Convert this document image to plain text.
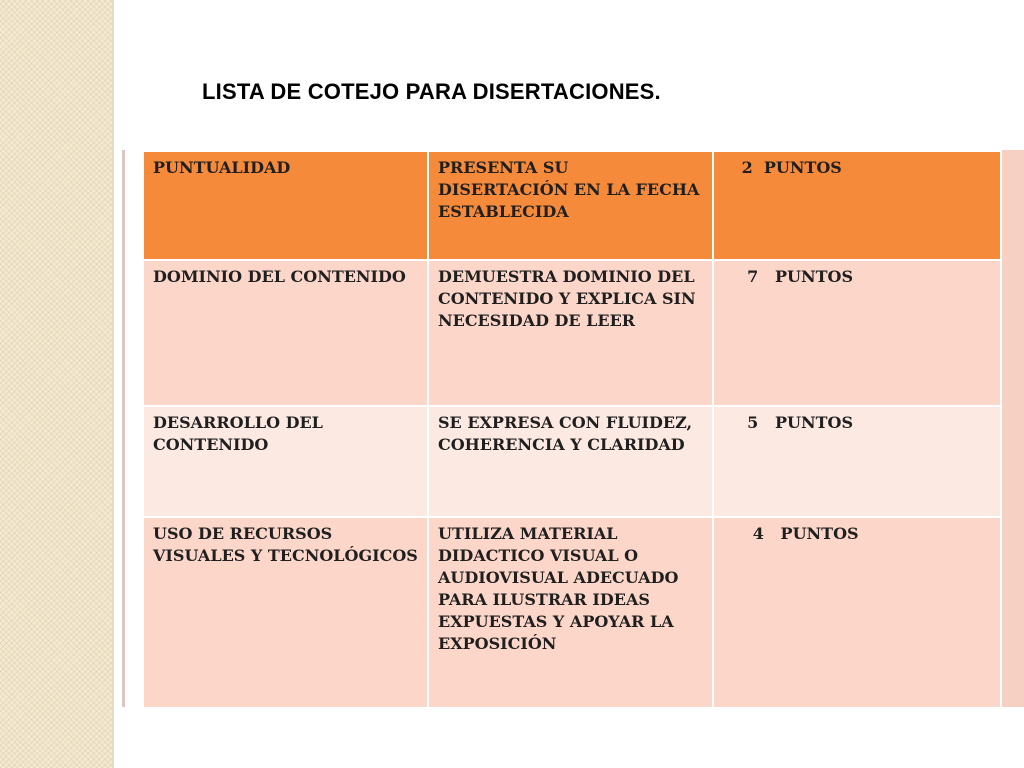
LISTA DE COTEJO PARA DISERTACIONES.
PUNTUALIDAD	PRESENTA SU DISERTACIÓN EN LA FECHA ESTABLECIDA	2  PUNTOS
DOMINIO DEL CONTENIDO	DEMUESTRA DOMINIO DEL CONTENIDO Y EXPLICA SIN NECESIDAD DE LEER	7   PUNTOS
DESARROLLO DEL CONTENIDO	SE EXPRESA CON FLUIDEZ, COHERENCIA Y CLARIDAD	5   PUNTOS
USO DE RECURSOS VISUALES Y TECNOLÓGICOS	UTILIZA MATERIAL DIDACTICO VISUAL O AUDIOVISUAL ADECUADO PARA ILUSTRAR IDEAS EXPUESTAS Y APOYAR LA EXPOSICIÓN	4   PUNTOS
